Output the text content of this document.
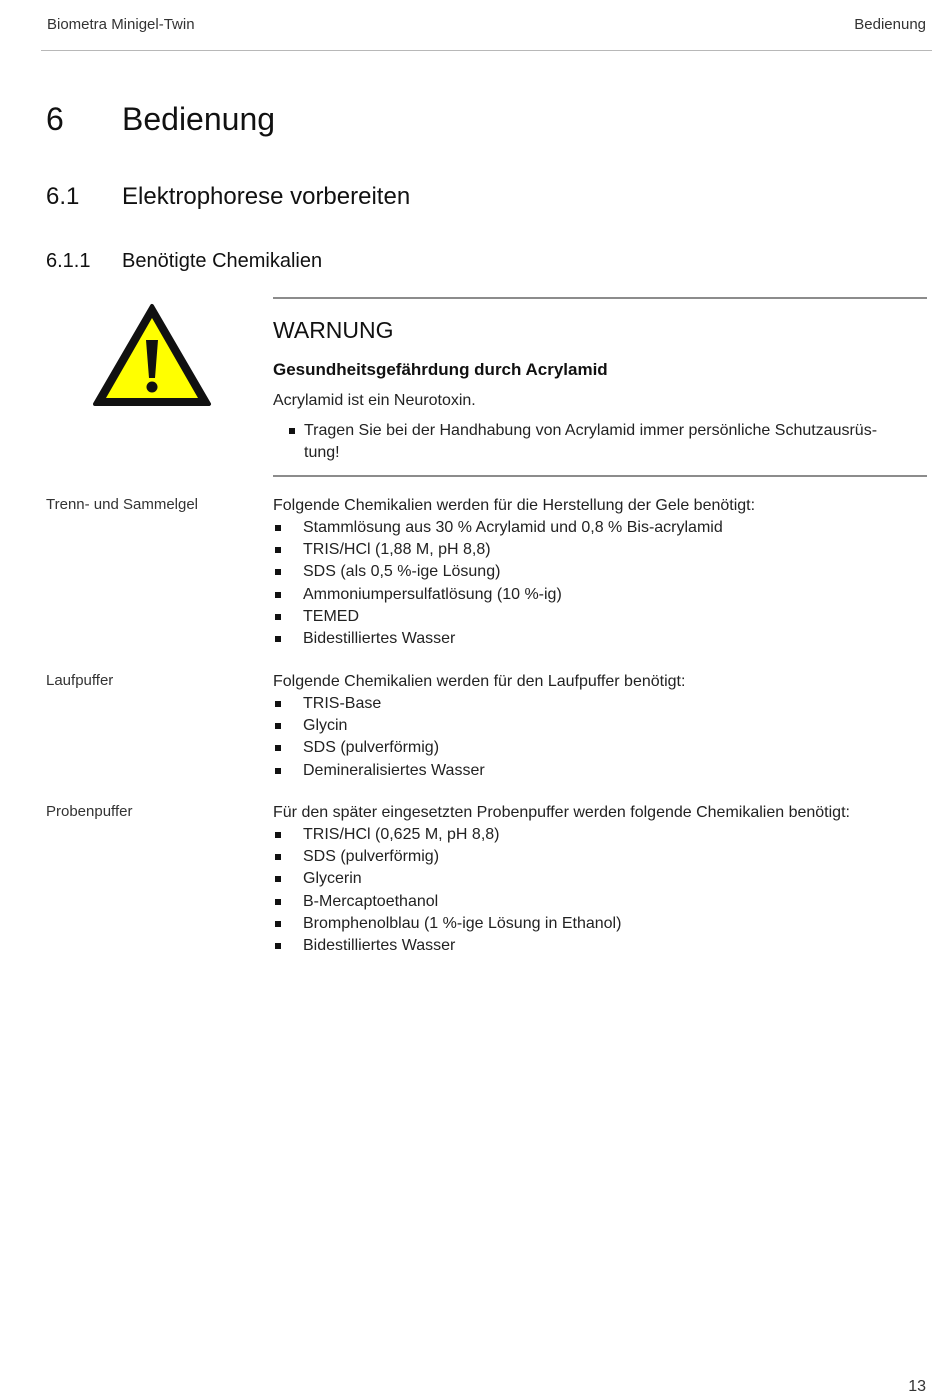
Biometra Minigel-Twin	Bedienung
6 Bedienung
6.1 Elektrophorese vorbereiten
6.1.1 Benötigte Chemikalien
WARNUNG
Gesundheitsgefährdung durch Acrylamid
Acrylamid ist ein Neurotoxin.
Tragen Sie bei der Handhabung von Acrylamid immer persönliche Schutzausrüs-tung!
Trenn- und Sammelgel	Folgende Chemikalien werden für die Herstellung der Gele benötigt:
Stammlösung aus 30 % Acrylamid und 0,8 % Bis-acrylamid
TRIS/HCl (1,88 M, pH 8,8)
SDS (als 0,5 %-ige Lösung)
Ammoniumpersulfatlösung (10 %-ig)
TEMED
Bidestilliertes Wasser
Laufpuffer	Folgende Chemikalien werden für den Laufpuffer benötigt:
TRIS-Base
Glycin
SDS (pulverförmig)
Demineralisiertes Wasser
Probenpuffer	Für den später eingesetzten Probenpuffer werden folgende Chemikalien benötigt:
TRIS/HCl (0,625 M, pH 8,8)
SDS (pulverförmig)
Glycerin
B-Mercaptoethanol
Bromphenolblau (1 %-ige Lösung in Ethanol)
Bidestilliertes Wasser
13
